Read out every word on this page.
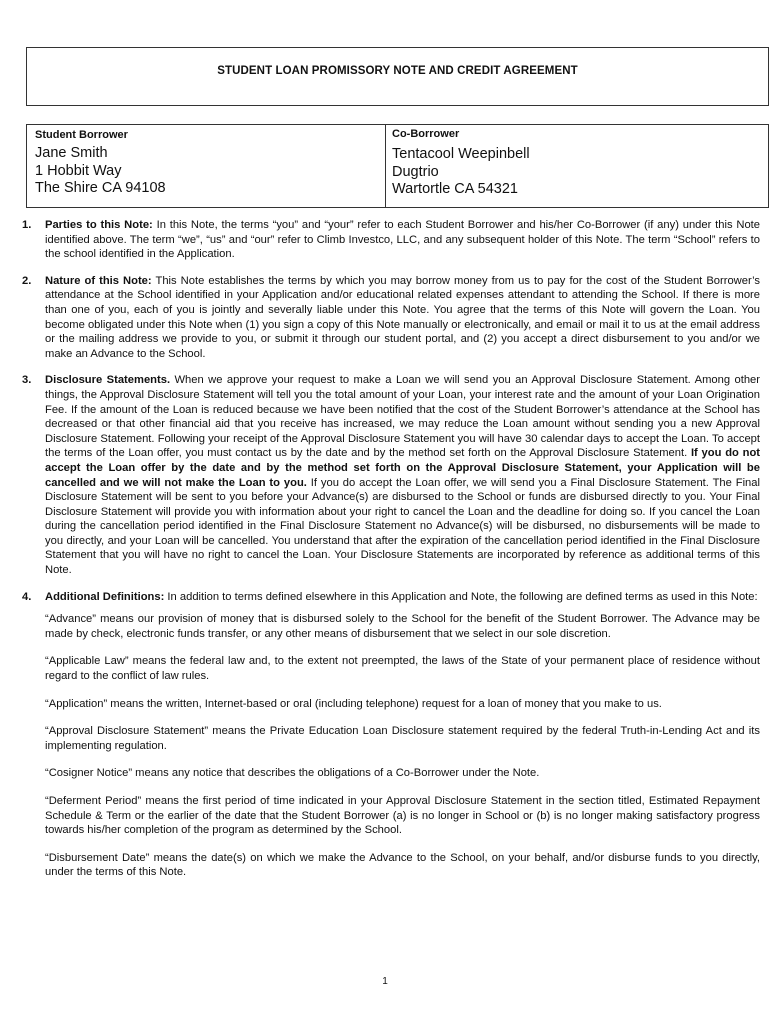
STUDENT LOAN PROMISSORY NOTE AND CREDIT AGREEMENT
Student Borrower
Jane Smith
1 Hobbit Way
The Shire CA 94108
Co-Borrower
Tentacool Weepinbell
Dugtrio
Wartortle CA 54321
1. Parties to this Note: In this Note, the terms “you” and “your” refer to each Student Borrower and his/her Co-Borrower (if any) under this Note identified above. The term “we”, “us” and “our” refer to Climb Investco, LLC, and any subsequent holder of this Note. The term “School” refers to the school identified in the Application.
2. Nature of this Note: This Note establishes the terms by which you may borrow money from us to pay for the cost of the Student Borrower’s attendance at the School identified in your Application and/or educational related expenses attendant to attending the School. If there is more than one of you, each of you is jointly and severally liable under this Note. You agree that the terms of this Note will govern the Loan. You become obligated under this Note when (1) you sign a copy of this Note manually or electronically, and email or mail it to us at the email address or the mailing address we provide to you, or submit it through our student portal, and (2) you accept a direct disbursement to you and/or we make an Advance to the School.
3. Disclosure Statements. When we approve your request to make a Loan we will send you an Approval Disclosure Statement. Among other things, the Approval Disclosure Statement will tell you the total amount of your Loan, your interest rate and the amount of your Loan Origination Fee. If the amount of the Loan is reduced because we have been notified that the cost of the Student Borrower’s attendance at the School has decreased or that other financial aid that you receive has increased, we may reduce the Loan amount without sending you a new Approval Disclosure Statement. Following your receipt of the Approval Disclosure Statement you will have 30 calendar days to accept the Loan. To accept the terms of the Loan offer, you must contact us by the date and by the method set forth on the Approval Disclosure Statement. If you do not accept the Loan offer by the date and by the method set forth on the Approval Disclosure Statement, your Application will be cancelled and we will not make the Loan to you. If you do accept the Loan offer, we will send you a Final Disclosure Statement. The Final Disclosure Statement will be sent to you before your Advance(s) are disbursed to the School or funds are disbursed directly to you. Your Final Disclosure Statement will provide you with information about your right to cancel the Loan and the deadline for doing so. If you cancel the Loan during the cancellation period identified in the Final Disclosure Statement no Advance(s) will be disbursed, no disbursements will be made to you directly, and your Loan will be cancelled. You understand that after the expiration of the cancellation period identified in the Final Disclosure Statement that you will have no right to cancel the Loan. Your Disclosure Statements are incorporated by reference as additional terms of this Note.
4. Additional Definitions: In addition to terms defined elsewhere in this Application and Note, the following are defined terms as used in this Note:
“Advance” means our provision of money that is disbursed solely to the School for the benefit of the Student Borrower. The Advance may be made by check, electronic funds transfer, or any other means of disbursement that we select in our sole discretion.
“Applicable Law” means the federal law and, to the extent not preempted, the laws of the State of your permanent place of residence without regard to the conflict of law rules.
“Application” means the written, Internet-based or oral (including telephone) request for a loan of money that you make to us.
“Approval Disclosure Statement” means the Private Education Loan Disclosure statement required by the federal Truth-in-Lending Act and its implementing regulation.
“Cosigner Notice” means any notice that describes the obligations of a Co-Borrower under the Note.
“Deferment Period” means the first period of time indicated in your Approval Disclosure Statement in the section titled, Estimated Repayment Schedule & Term or the earlier of the date that the Student Borrower (a) is no longer in School or (b) is no longer making satisfactory progress towards his/her completion of the program as determined by the School.
“Disbursement Date” means the date(s) on which we make the Advance to the School, on your behalf, and/or disburse funds to you directly, under the terms of this Note.
1
